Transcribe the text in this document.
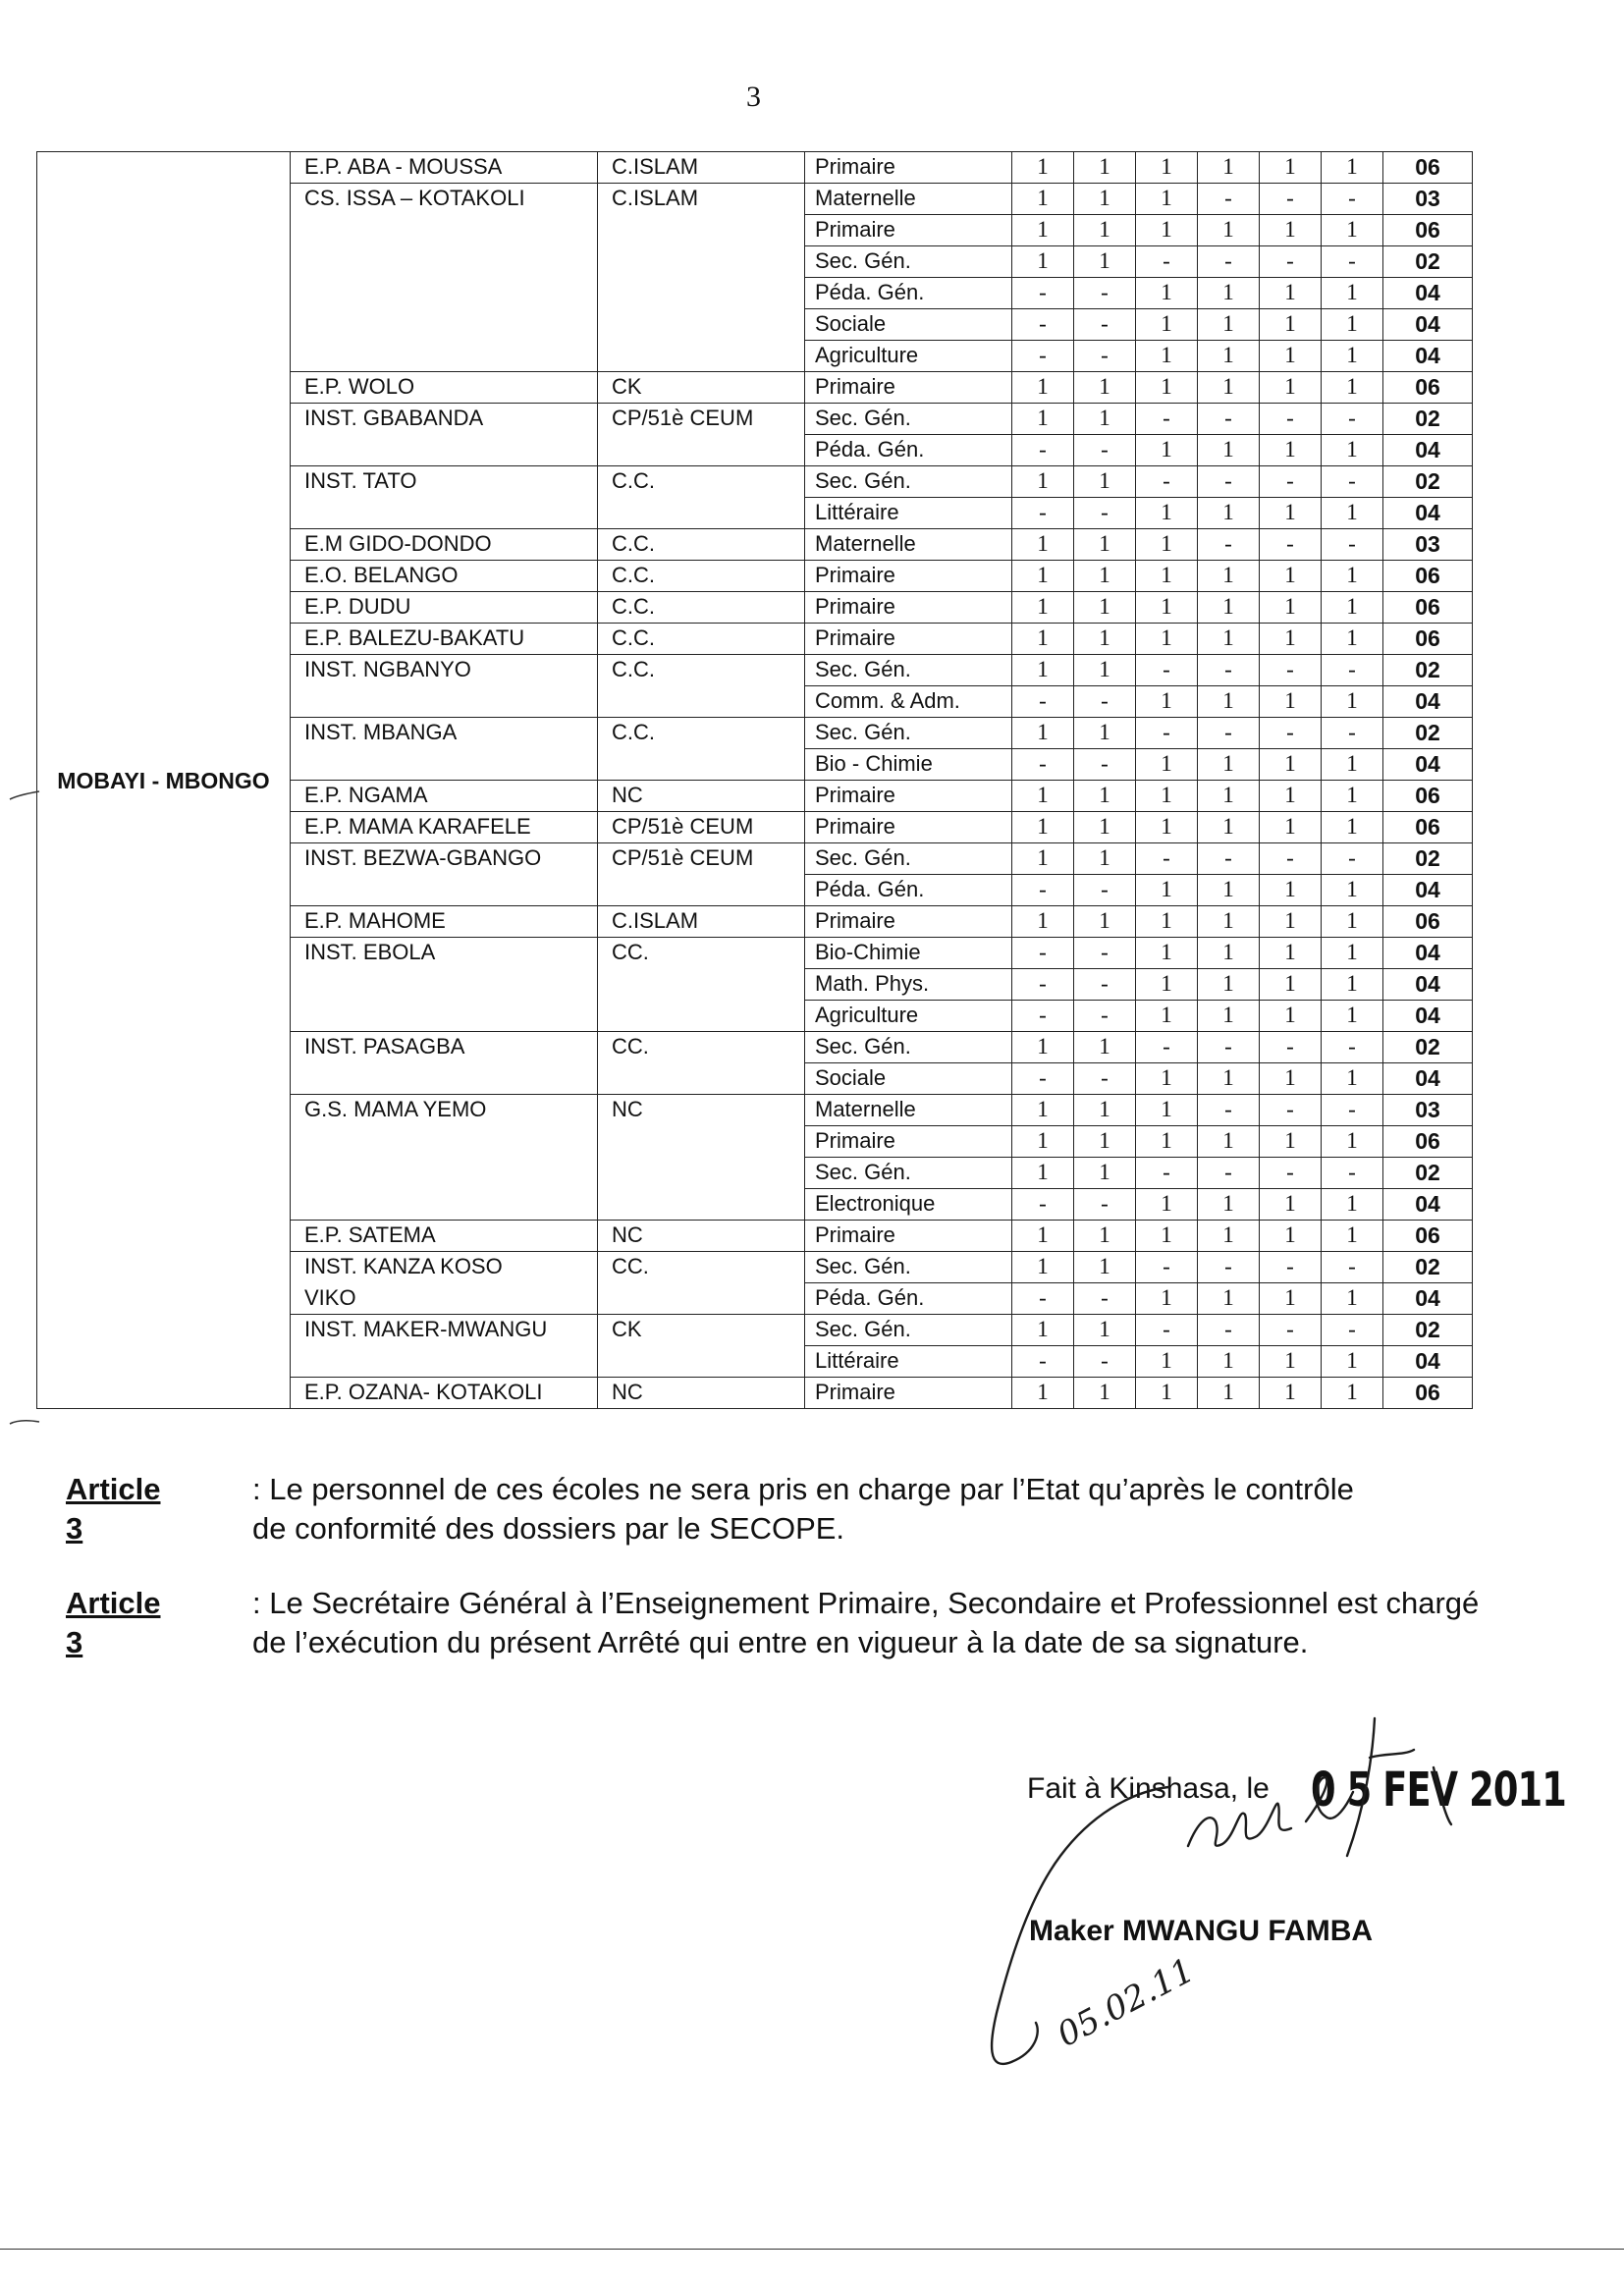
3
MOBAYI - MBONGO	E.P. ABA - MOUSSA	C.ISLAM	Primaire	1	1	1	1	1	1	06
	CS. ISSA – KOTAKOLI	C.ISLAM	Maternelle	1	1	1	-	-	-	03
			Primaire	1	1	1	1	1	1	06
			Sec. Gén.	1	1	-	-	-	-	02
			Péda. Gén.	-	-	1	1	1	1	04
			Sociale	-	-	1	1	1	1	04
			Agriculture	-	-	1	1	1	1	04
	E.P. WOLO	CK	Primaire	1	1	1	1	1	1	06
	INST. GBABANDA	CP/51è CEUM	Sec. Gén.	1	1	-	-	-	-	02
			Péda. Gén.	-	-	1	1	1	1	04
	INST. TATO	C.C.	Sec. Gén.	1	1	-	-	-	-	02
			Littéraire	-	-	1	1	1	1	04
	E.M GIDO-DONDO	C.C.	Maternelle	1	1	1	-	-	-	03
	E.O. BELANGO	C.C.	Primaire	1	1	1	1	1	1	06
	E.P. DUDU	C.C.	Primaire	1	1	1	1	1	1	06
	E.P. BALEZU-BAKATU	C.C.	Primaire	1	1	1	1	1	1	06
	INST. NGBANYO	C.C.	Sec. Gén.	1	1	-	-	-	-	02
			Comm. & Adm.	-	-	1	1	1	1	04
	INST. MBANGA	C.C.	Sec. Gén.	1	1	-	-	-	-	02
			Bio - Chimie	-	-	1	1	1	1	04
	E.P. NGAMA	NC	Primaire	1	1	1	1	1	1	06
	E.P. MAMA KARAFELE	CP/51è CEUM	Primaire	1	1	1	1	1	1	06
	INST. BEZWA-GBANGO	CP/51è CEUM	Sec. Gén.	1	1	-	-	-	-	02
			Péda. Gén.	-	-	1	1	1	1	04
	E.P. MAHOME	C.ISLAM	Primaire	1	1	1	1	1	1	06
	INST. EBOLA	CC.	Bio-Chimie	-	-	1	1	1	1	04
			Math. Phys.	-	-	1	1	1	1	04
			Agriculture	-	-	1	1	1	1	04
	INST. PASAGBA	CC.	Sec. Gén.	1	1	-	-	-	-	02
			Sociale	-	-	1	1	1	1	04
	G.S. MAMA YEMO	NC	Maternelle	1	1	1	-	-	-	03
			Primaire	1	1	1	1	1	1	06
			Sec. Gén.	1	1	-	-	-	-	02
			Electronique	-	-	1	1	1	1	04
	E.P. SATEMA	NC	Primaire	1	1	1	1	1	1	06
	INST. KANZA KOSO	CC.	Sec. Gén.	1	1	-	-	-	-	02
	VIKO		Péda. Gén.	-	-	1	1	1	1	04
	INST. MAKER-MWANGU	CK	Sec. Gén.	1	1	-	-	-	-	02
			Littéraire	-	-	1	1	1	1	04
	E.P. OZANA- KOTAKOLI	NC	Primaire	1	1	1	1	1	1	06
Article 3
: Le personnel de ces écoles ne sera pris en charge par l’Etat qu’après le contrôle de conformité des dossiers par le SECOPE.
Article 3
: Le Secrétaire Général à l’Enseignement Primaire, Secondaire et Professionnel est chargé de l’exécution du présent Arrêté qui entre en vigueur à la date de sa signature.
Fait à Kinshasa, le 0 5 FEV 2011
Maker MWANGU FAMBA
05.02.11
